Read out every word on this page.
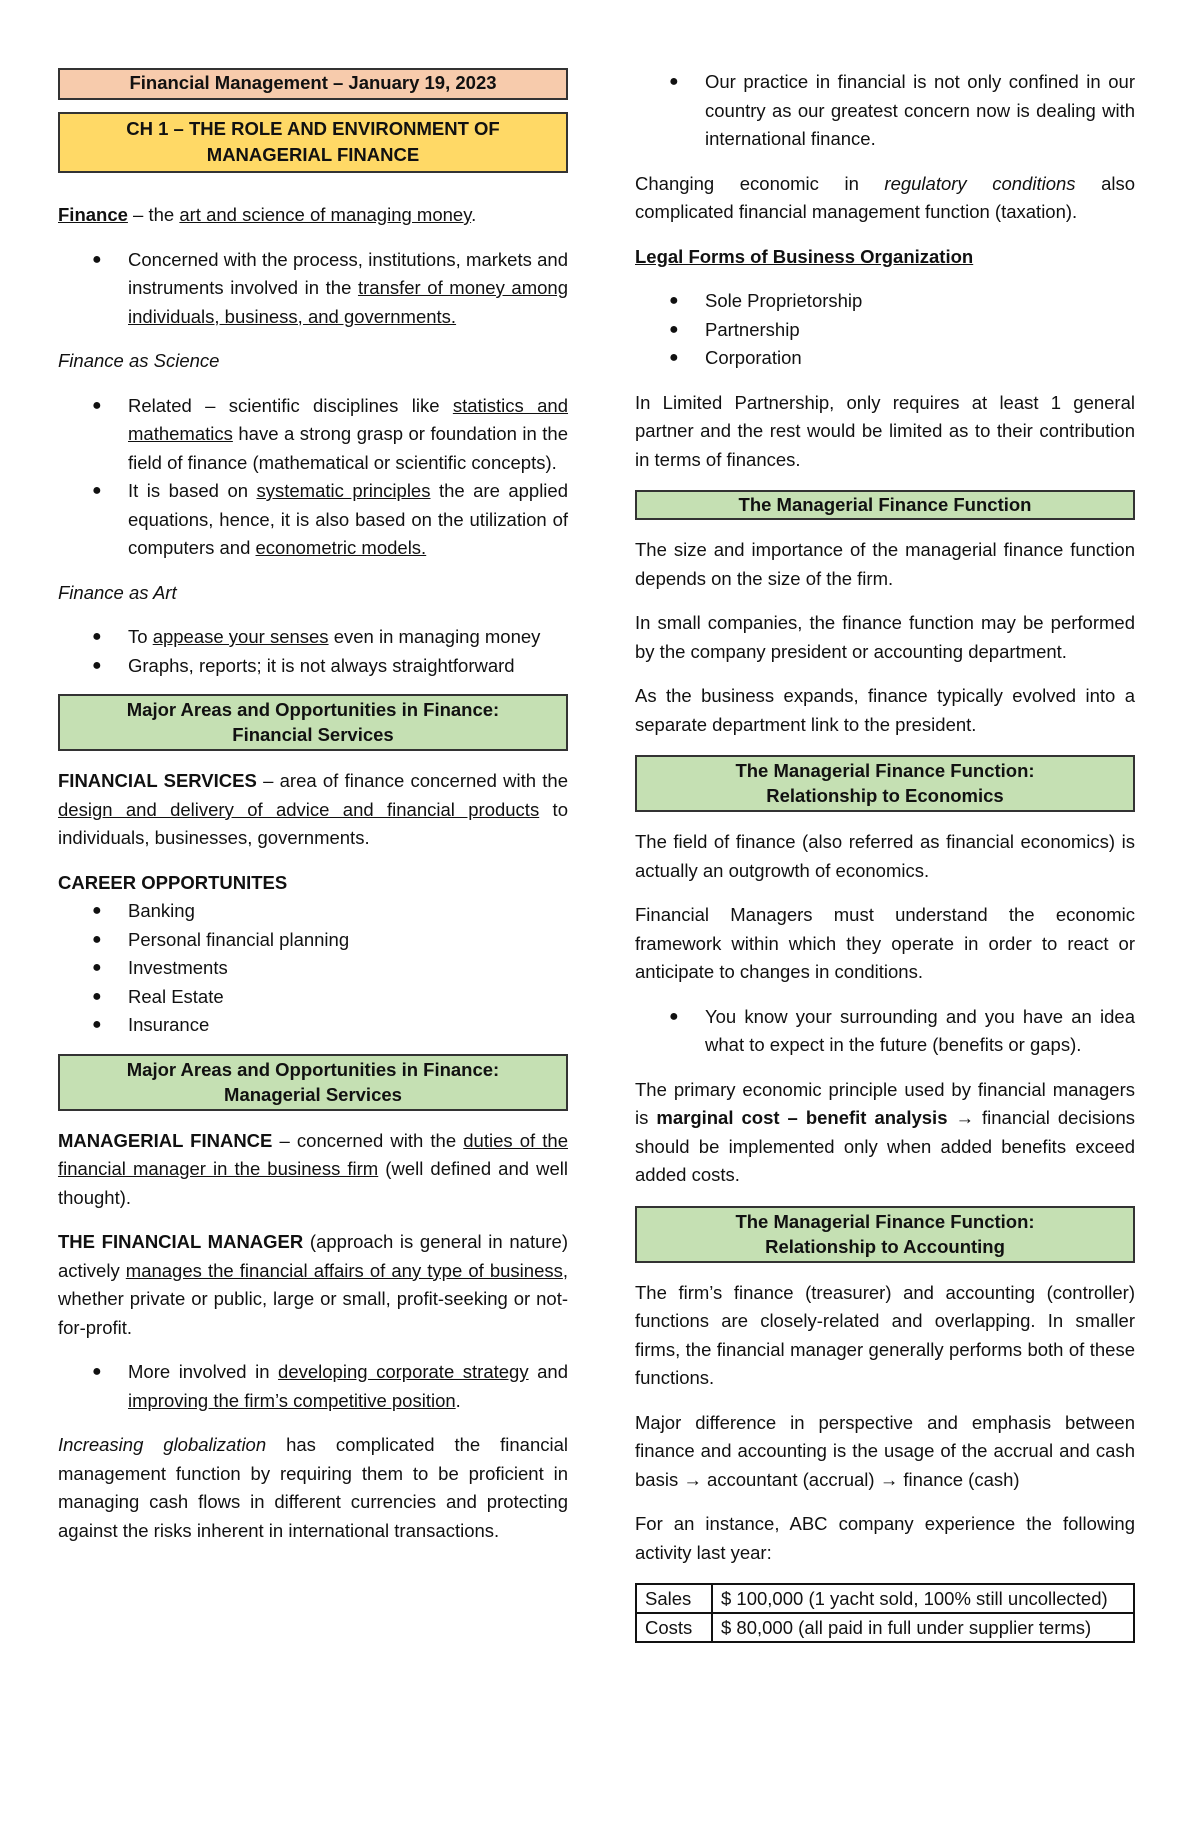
Financial Management – January 19, 2023
CH 1 – THE ROLE AND ENVIRONMENT OF
MANAGERIAL FINANCE

Finance – the art and science of managing money.

● Concerned with the process, institutions, markets and instruments involved in the transfer of money among individuals, business, and governments.

Finance as Science

● Related – scientific disciplines like statistics and mathematics have a strong grasp or foundation in the field of finance (mathematical or scientific concepts).
● It is based on systematic principles the are applied equations, hence, it is also based on the utilization of computers and econometric models.

Finance as Art

● To appease your senses even in managing money
● Graphs, reports; it is not always straightforward
Major Areas and Opportunities in Finance:
Financial Services

FINANCIAL SERVICES – area of finance concerned with the design and delivery of advice and financial products to individuals, businesses, governments.

CAREER OPPORTUNITES

● Banking
● Personal financial planning
● Investments
● Real Estate
● Insurance
Major Areas and Opportunities in Finance:
Managerial Services

MANAGERIAL FINANCE – concerned with the duties of the financial manager in the business firm (well defined and well thought).

THE FINANCIAL MANAGER (approach is general in nature) actively manages the financial affairs of any type of business, whether private or public, large or small, profit-seeking or not-for-profit.

● More involved in developing corporate strategy and improving the firm’s competitive position.

Increasing globalization has complicated the financial management function by requiring them to be proficient in managing cash flows in different currencies and protecting against the risks inherent in international transactions.

● Our practice in financial is not only confined in our country as our greatest concern now is dealing with international finance.

Changing economic in regulatory conditions also complicated financial management function (taxation).

Legal Forms of Business Organization

● Sole Proprietorship
● Partnership
● Corporation

In Limited Partnership, only requires at least 1 general partner and the rest would be limited as to their contribution in terms of finances.

The Managerial Finance Function

The size and importance of the managerial finance function depends on the size of the firm.

In small companies, the finance function may be performed by the company president or accounting department.

As the business expands, finance typically evolved into a separate department link to the president.

The Managerial Finance Function:
Relationship to Economics

The field of finance (also referred as financial economics) is actually an outgrowth of economics.

Financial Managers must understand the economic framework within which they operate in order to react or anticipate to changes in conditions.

● You know your surrounding and you have an idea what to expect in the future (benefits or gaps).

The primary economic principle used by financial managers is marginal cost – benefit analysis → financial decisions should be implemented only when added benefits exceed added costs.

The Managerial Finance Function:
Relationship to Accounting

The firm’s finance (treasurer) and accounting (controller) functions are closely-related and overlapping. In smaller firms, the financial manager generally performs both of these functions.

Major difference in perspective and emphasis between finance and accounting is the usage of the accrual and cash basis → accountant (accrual) → finance (cash)

For an instance, ABC company experience the following activity last year:

Sales	$ 100,000 (1 yacht sold, 100% still uncollected)
Costs	$ 80,000 (all paid in full under supplier terms)
